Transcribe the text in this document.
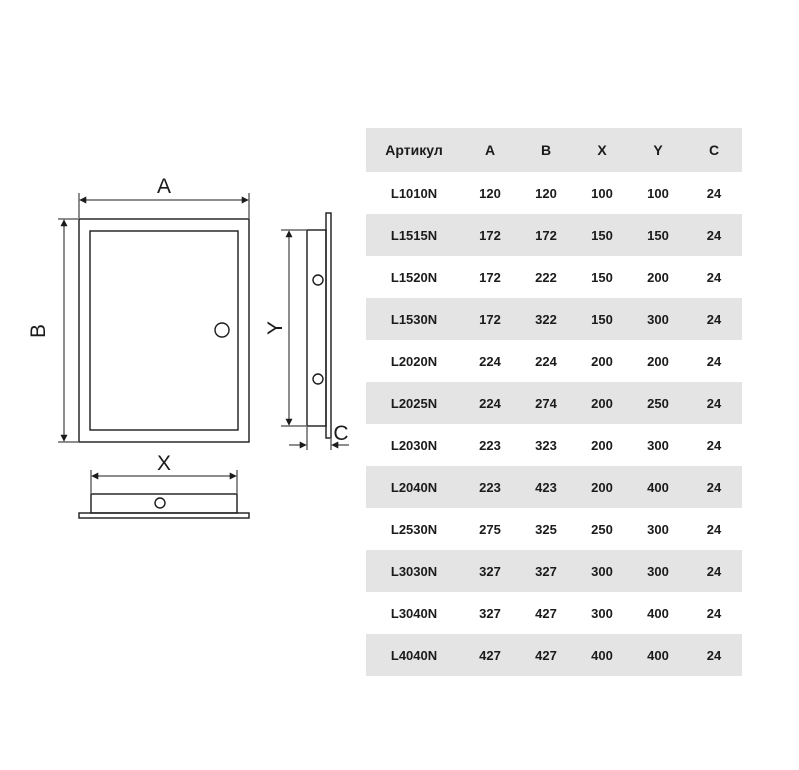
A
B	Y
C
X
Артикул	A	B	X	Y	C
L1010N	120	120	100	100	24
L1515N	172	172	150	150	24
L1520N	172	222	150	200	24
L1530N	172	322	150	300	24
L2020N	224	224	200	200	24
L2025N	224	274	200	250	24
L2030N	223	323	200	300	24
L2040N	223	423	200	400	24
L2530N	275	325	250	300	24
L3030N	327	327	300	300	24
L3040N	327	427	300	400	24
L4040N	427	427	400	400	24
